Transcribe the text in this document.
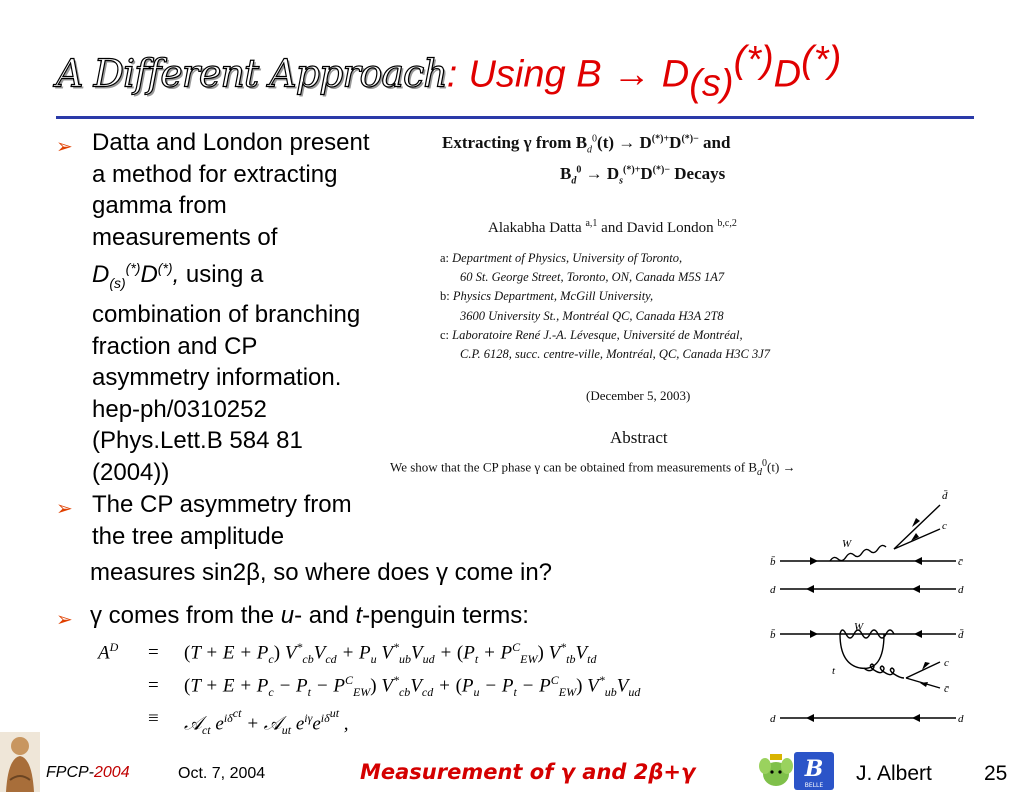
A Different Approach: Using $B \to D_{(s)}^{(*)}D^{(*)}$
➢ Datta and London present
a method for extracting
gamma from
measurements of
$D_{(s)}^{(*)}D^{(*)}$, using a
combination of branching
fraction and CP
asymmetry information.
hep-ph/0310252
(Phys.Lett.B 584 81
(2004))
➢ The CP asymmetry from
the tree amplitude
measures sin2β, so where does γ come in?
➢ γ comes from the u- and t-penguin terms:
Extracting γ from $B_d^0(t) \to D^{(*)+}D^{(*)-}$ and
$B_d^0 \to D_s^{(*)+}D^{(*)-}$ Decays
Alakabha Datta $^{a,1}$ and David London $^{b,c,2}$
a: Department of Physics, University of Toronto,
60 St. George Street, Toronto, ON, Canada M5S 1A7
b: Physics Department, McGill University,
3600 University St., Montréal QC, Canada H3A 2T8
c: Laboratoire René J.-A. Lévesque, Université de Montréal,
C.P. 6128, succ. centre-ville, Montréal, QC, Canada H3C 3J7
(December 5, 2003)
Abstract
We show that the CP phase γ can be obtained from measurements of $B_d^0(t)$ →
d̄
c
W
b̄	c̄
d	d
b̄
W
d̄
c
t
c̄
d	d
$A^D$ =
=
≡
$(T + E + P_c)$ $V^*_{cb}V_{cd} + P_u$ $V^*_{ub}V_{ud} + (P_t + P^C_{EW})$ $V^*_{tb}V_{td}$
$(T + E + P_c - P_t - P^C_{EW})$ $V^*_{cb}V_{cd} + (P_u - P_t - P^C_{EW})$ $V^*_{ub}V_{ud}$
𝒜$_{ct}$ $e^{i\delta^{ct}}$ + 𝒜$_{ut}$ $e^{i\gamma}e^{i\delta^{ut}}$ ,
FPCP-2004	Oct. 7, 2004	Measurement of γ and 2β+γ	B
BELLE
J. Albert 25
